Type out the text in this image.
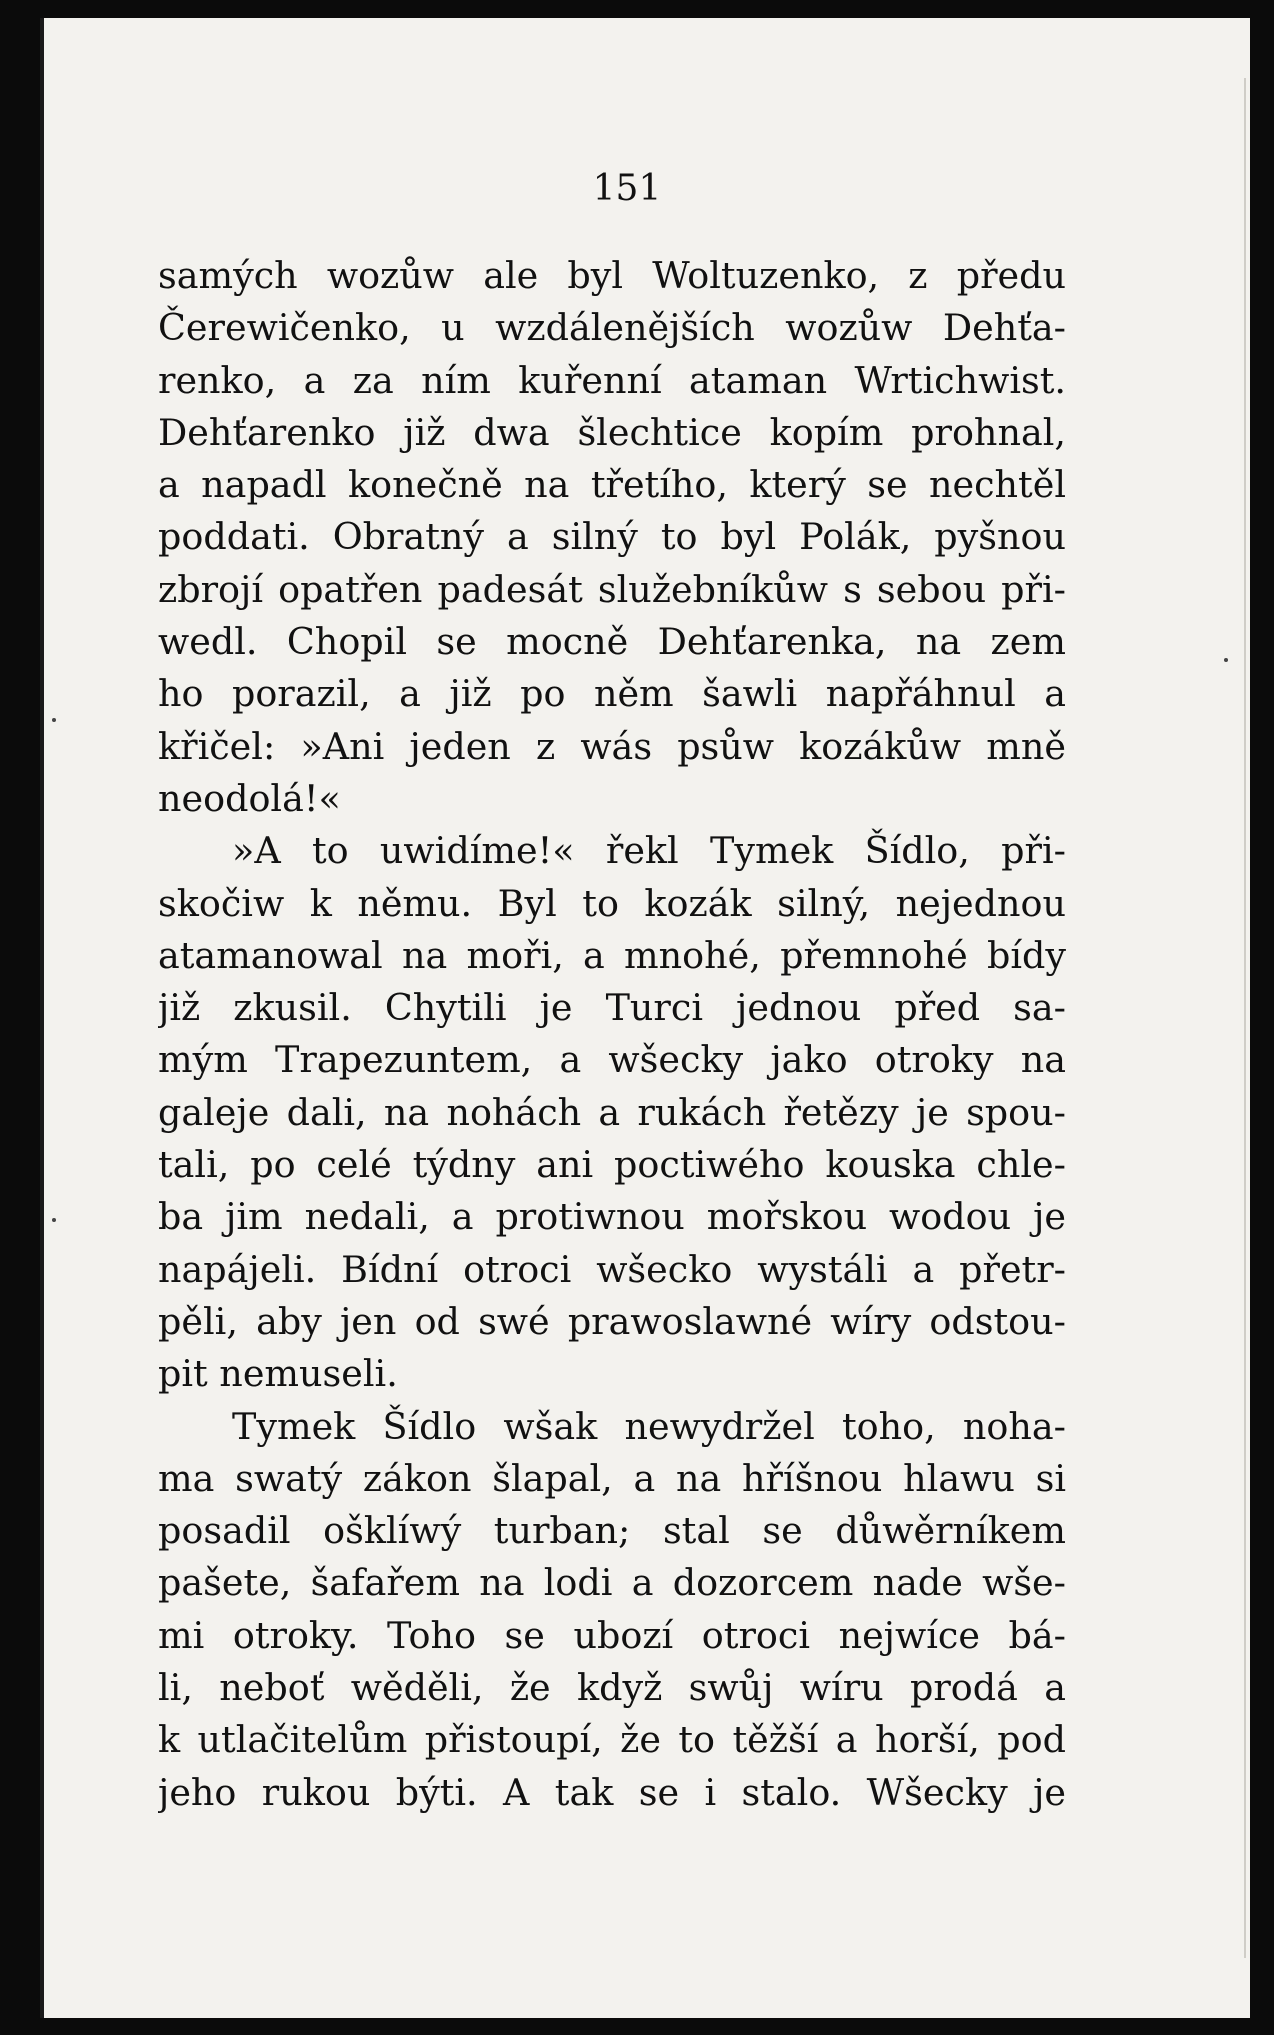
151
samých wozůw ale byl Woltuzenko, z předu
Čerewičenko, u wzdálenějších wozůw Dehťa-
renko, a za ním kuřenní ataman Wrtichwist.
Dehťarenko již dwa šlechtice kopím prohnal,
a napadl konečně na třetího, který se nechtěl
poddati. Obratný a silný to byl Polák, pyšnou
zbrojí opatřen padesát služebníkůw s sebou při-
wedl. Chopil se mocně Dehťarenka, na zem
ho porazil, a již po něm šawli napřáhnul a
křičel: »Ani jeden z wás psůw kozákůw mně
neodolá!«
»A to uwidíme!« řekl Tymek Šídlo, při-
skočiw k němu. Byl to kozák silný, nejednou
atamanowal na moři, a mnohé, přemnohé bídy
již zkusil. Chytili je Turci jednou před sa-
mým Trapezuntem, a wšecky jako otroky na
galeje dali, na nohách a rukách řetězy je spou-
tali, po celé týdny ani poctiwého kouska chle-
ba jim nedali, a protiwnou mořskou wodou je
napájeli. Bídní otroci wšecko wystáli a přetr-
pěli, aby jen od swé prawoslawné wíry odstou-
pit nemuseli.
Tymek Šídlo wšak newydržel toho, noha-
ma swatý zákon šlapal, a na hříšnou hlawu si
posadil ošklíwý turban; stal se důwěrníkem
pašete, šafařem na lodi a dozorcem nade wše-
mi otroky. Toho se ubozí otroci nejwíce bá-
li, neboť wěděli, že když swůj wíru prodá a
k utlačitelům přistoupí, že to těžší a horší, pod
jeho rukou býti. A tak se i stalo. Wšecky je
